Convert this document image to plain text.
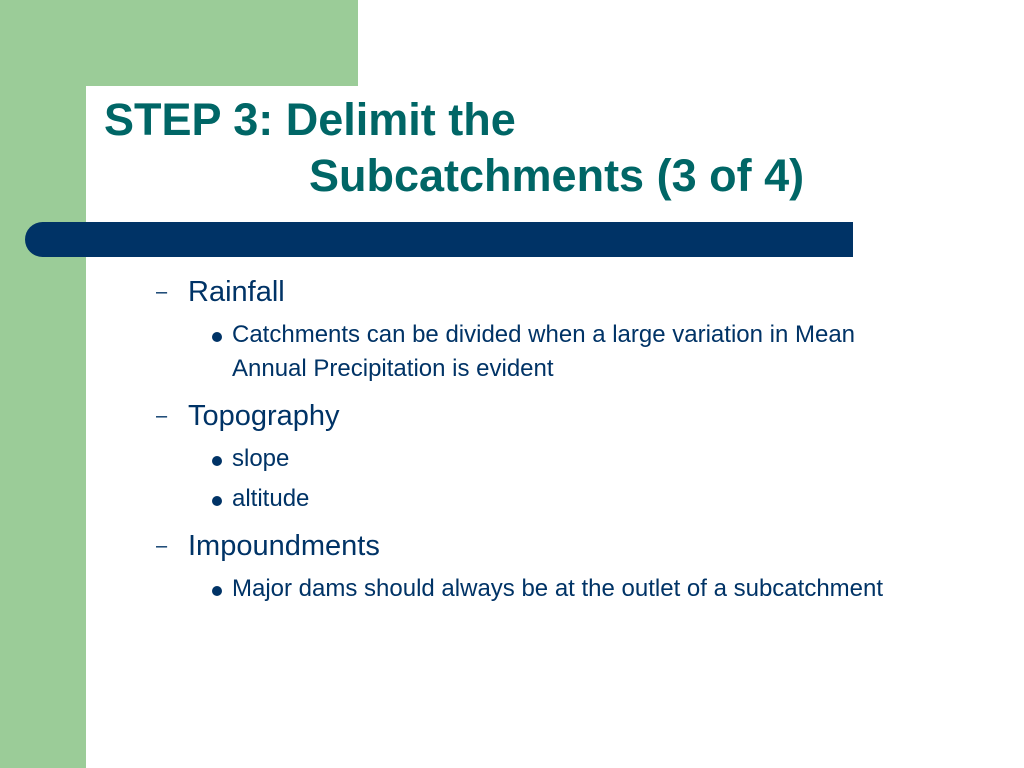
STEP 3: Delimit the
Subcatchments (3 of 4)

– Rainfall

Catchments can be divided when a large variation in Mean Annual Precipitation is evident

– Topography

slope

altitude

– Impoundments

Major dams should always be at the outlet of a subcatchment
